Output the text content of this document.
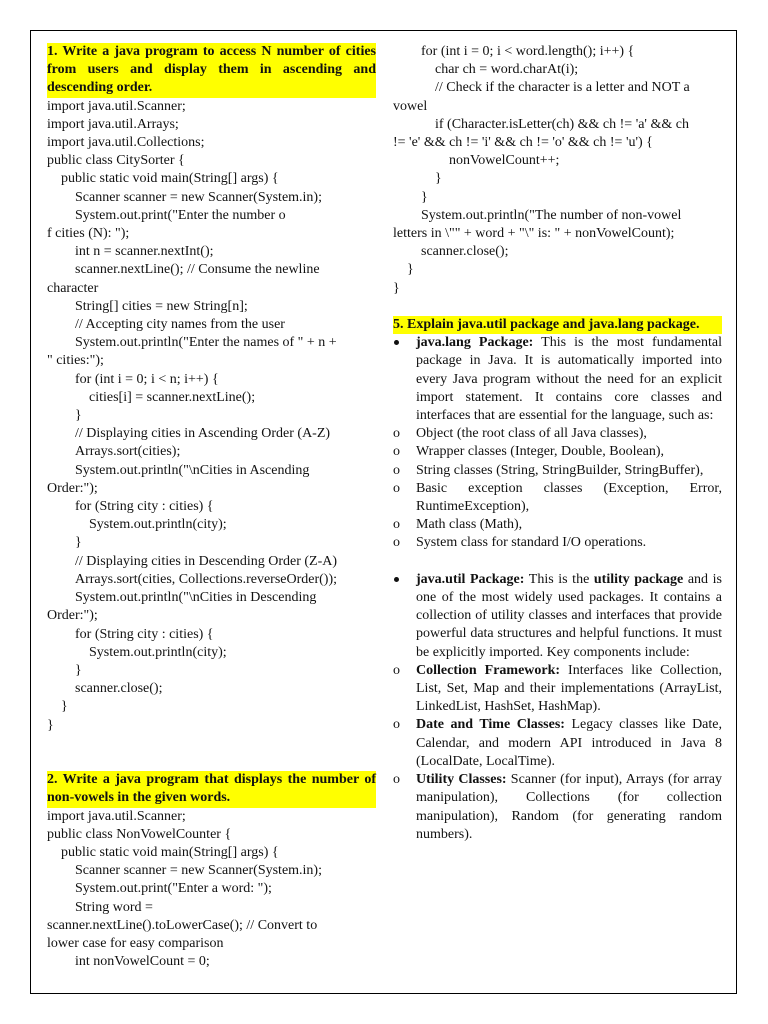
1. Write a java program to access N number of cities from users and display them in ascending and descending order.
import java.util.Scanner;
import java.util.Arrays;
import java.util.Collections;
public class CitySorter {
public static void main(String[] args) {
Scanner scanner = new Scanner(System.in);
System.out.print("Enter the number o
f cities (N): ");
int n = scanner.nextInt();
scanner.nextLine(); // Consume the newline
character
String[] cities = new String[n];
// Accepting city names from the user
System.out.println("Enter the names of " + n +
" cities:");
for (int i = 0; i < n; i++) {
cities[i] = scanner.nextLine();
}
// Displaying cities in Ascending Order (A-Z)
Arrays.sort(cities);
System.out.println("\nCities in Ascending
Order:");
for (String city : cities) {
System.out.println(city);
}
// Displaying cities in Descending Order (Z-A)
Arrays.sort(cities, Collections.reverseOrder());
System.out.println("\nCities in Descending
Order:");
for (String city : cities) {
System.out.println(city);
}
scanner.close();
}
}
2. Write a java program that displays the number of non-vowels in the given words.
import java.util.Scanner;
public class NonVowelCounter {
public static void main(String[] args) {
Scanner scanner = new Scanner(System.in);
System.out.print("Enter a word: ");
String word =
scanner.nextLine().toLowerCase(); // Convert to
lower case for easy comparison
int nonVowelCount = 0;
for (int i = 0; i < word.length(); i++) {
char ch = word.charAt(i);
// Check if the character is a letter and NOT a
vowel
if (Character.isLetter(ch) && ch != 'a' && ch
!= 'e' && ch != 'i' && ch != 'o' && ch != 'u') {
nonVowelCount++;
}
}
System.out.println("The number of non-vowel
letters in \"" + word + "\" is: " + nonVowelCount);
scanner.close();
}
}
5. Explain java.util package and java.lang package.
java.lang Package: This is the most fundamental package in Java. It is automatically imported into every Java program without the need for an explicit import statement. It contains core classes and interfaces that are essential for the language, such as:
o	Object (the root class of all Java classes),
o	Wrapper classes (Integer, Double, Boolean),
o	String classes (String, StringBuilder, StringBuffer),
o	Basic exception classes (Exception, Error, RuntimeException),
o	Math class (Math),
o	System class for standard I/O operations.
java.util Package: This is the utility package and is one of the most widely used packages. It contains a collection of utility classes and interfaces that provide powerful data structures and helpful functions. It must be explicitly imported. Key components include:
o	Collection Framework: Interfaces like Collection, List, Set, Map and their implementations (ArrayList, LinkedList, HashSet, HashMap).
o	Date and Time Classes: Legacy classes like Date, Calendar, and modern API introduced in Java 8 (LocalDate, LocalTime).
o	Utility Classes: Scanner (for input), Arrays (for array manipulation), Collections (for collection manipulation), Random (for generating random numbers).
